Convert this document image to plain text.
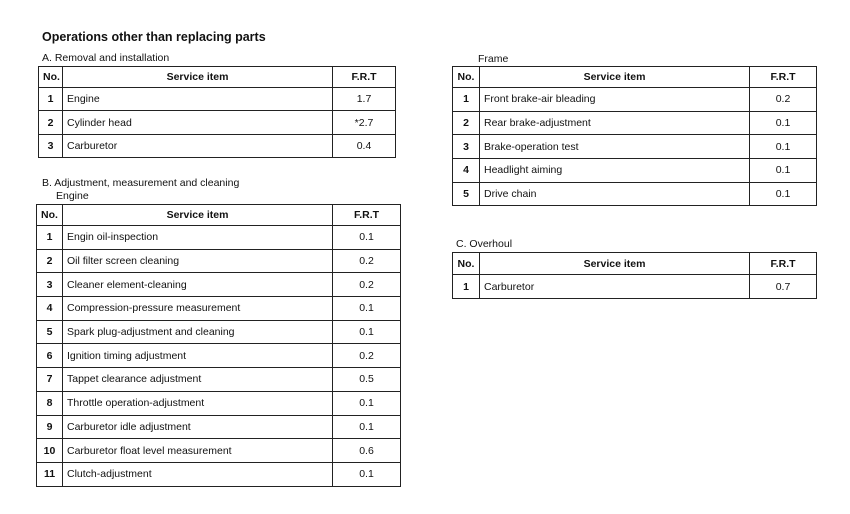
Operations other than replacing parts
A. Removal and installation
No.	Service item	F.R.T
1	Engine	1.7
2	Cylinder head	*2.7
3	Carburetor	0.4
B. Adjustment, measurement and cleaning
Engine
No.	Service item	F.R.T
1	Engin oil-inspection	0.1
2	Oil filter screen cleaning	0.2
3	Cleaner element-cleaning	0.2
4	Compression-pressure measurement	0.1
5	Spark plug-adjustment and cleaning	0.1
6	Ignition timing adjustment	0.2
7	Tappet clearance adjustment	0.5
8	Throttle operation-adjustment	0.1
9	Carburetor idle adjustment	0.1
10	Carburetor float level measurement	0.6
11	Clutch-adjustment	0.1
Frame
No.	Service item	F.R.T
1	Front brake-air bleading	0.2
2	Rear brake-adjustment	0.1
3	Brake-operation test	0.1
4	Headlight aiming	0.1
5	Drive chain	0.1
C. Overhoul
No.	Service item	F.R.T
1	Carburetor	0.7
